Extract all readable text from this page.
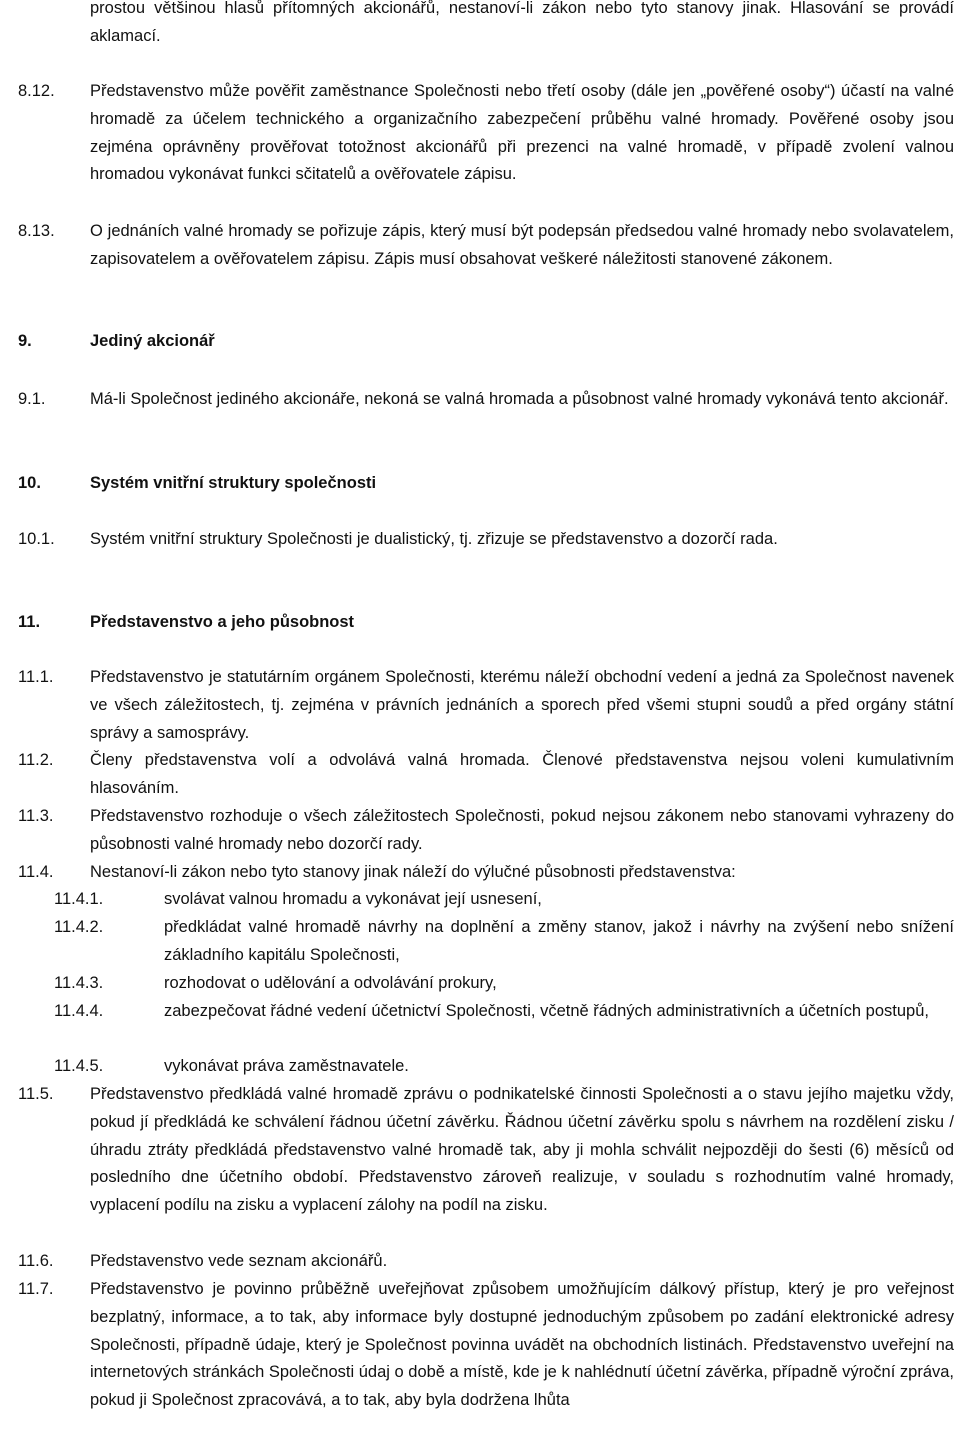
prostou většinou hlasů přítomných akcionářů, nestanoví-li zákon nebo tyto stanovy jinak. Hlasování se provádí aklamací.
8.12. Představenstvo může pověřit zaměstnance Společnosti nebo třetí osoby (dále jen „pověřené osoby“) účastí na valné hromadě za účelem technického a organizačního zabezpečení průběhu valné hromady. Pověřené osoby jsou zejména oprávněny prověřovat totožnost akcionářů při prezenci na valné hromadě, v případě zvolení valnou hromadou vykonávat funkci sčitatelů a ověřovatele zápisu.
8.13. O jednáních valné hromady se pořizuje zápis, který musí být podepsán předsedou valné hromady nebo svolavatelem, zapisovatelem a ověřovatelem zápisu. Zápis musí obsahovat veškeré náležitosti stanovené zákonem.
9.	Jediný akcionář
9.1.	Má-li Společnost jediného akcionáře, nekoná se valná hromada a působnost valné hromady vykonává tento akcionář.
10.	Systém vnitřní struktury společnosti
10.1. Systém vnitřní struktury Společnosti je dualistický, tj. zřizuje se představenstvo a dozorčí rada.
11.	Představenstvo a jeho působnost
11.1. Představenstvo je statutárním orgánem Společnosti, kterému náleží obchodní vedení a jedná za Společnost navenek ve všech záležitostech, tj. zejména v právních jednáních a sporech před všemi stupni soudů a před orgány státní správy a samosprávy.
11.2. Členy představenstva volí a odvolává valná hromada. Členové představenstva nejsou voleni kumulativním hlasováním.
11.3. Představenstvo rozhoduje o všech záležitostech Společnosti, pokud nejsou zákonem nebo stanovami vyhrazeny do působnosti valné hromady nebo dozorčí rady.
11.4. Nestanoví-li zákon nebo tyto stanovy jinak náleží do výlučné působnosti představenstva:
11.4.1.	svolávat valnou hromadu a vykonávat její usnesení,
11.4.2.	předkládat valné hromadě návrhy na doplnění a změny stanov, jakož i návrhy na zvýšení nebo snížení základního kapitálu Společnosti,
11.4.3.	rozhodovat o udělování a odvolávání prokury,
11.4.4.	zabezpečovat řádné vedení účetnictví Společnosti, včetně řádných administrativních a účetních postupů,
11.4.5.	vykonávat práva zaměstnavatele.
11.5. Představenstvo předkládá valné hromadě zprávu o podnikatelské činnosti Společnosti a o stavu jejího majetku vždy, pokud jí předkládá ke schválení řádnou účetní závěrku. Řádnou účetní závěrku spolu s návrhem na rozdělení zisku / úhradu ztráty předkládá představenstvo valné hromadě tak, aby ji mohla schválit nejpozději do šesti (6) měsíců od posledního dne účetního období. Představenstvo zároveň realizuje, v souladu s rozhodnutím valné hromady, vyplacení podílu na zisku a vyplacení zálohy na podíl na zisku.
11.6. Představenstvo vede seznam akcionářů.
11.7. Představenstvo je povinno průběžně uveřejňovat způsobem umožňujícím dálkový přístup, který je pro veřejnost bezplatný, informace, a to tak, aby informace byly dostupné jednoduchým způsobem po zadání elektronické adresy Společnosti, případně údaje, který je Společnost povinna uvádět na obchodních listinách. Představenstvo uveřejní na internetových stránkách Společnosti údaj o době a místě, kde je k nahlédnutí účetní závěrka, případně výroční zpráva, pokud ji Společnost zpracovává, a to tak, aby byla dodržena lhůta
